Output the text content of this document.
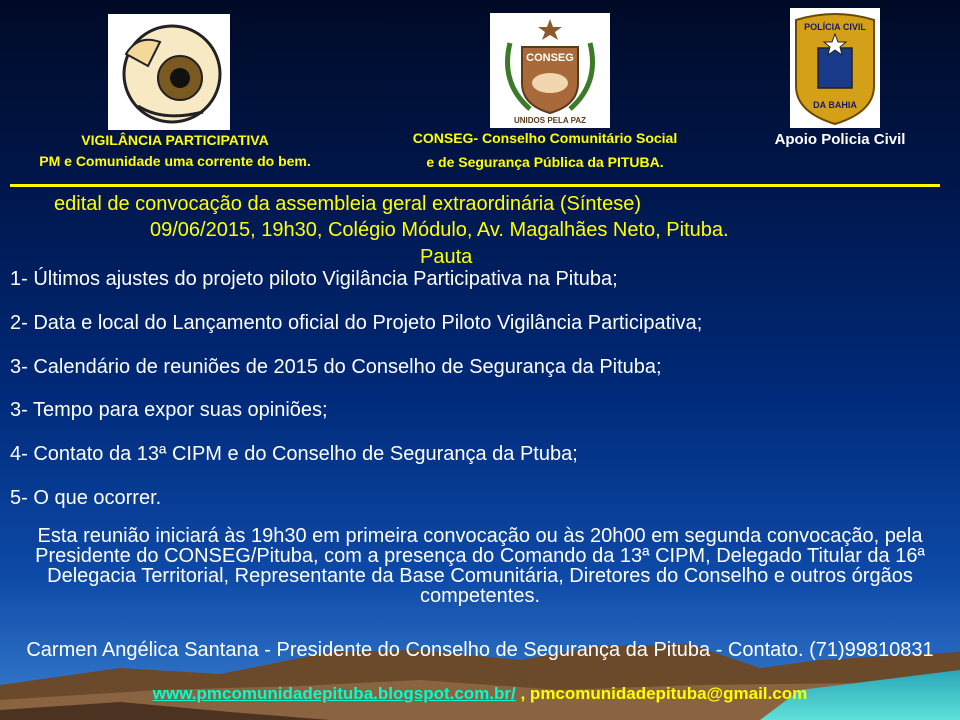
CONSEG
UNIDOS PELA PAZ
POLÍCIA CIVIL
DA BAHIA
VIGILÂNCIA PARTICIPATIVA
PM e Comunidade uma corrente do bem.
CONSEG- Conselho Comunitário Social
e de Segurança Pública da PITUBA.
Apoio Policia Civil
edital de convocação da assembleia geral extraordinária (Síntese)
09/06/2015, 19h30, Colégio Módulo, Av. Magalhães Neto, Pituba.
Pauta
1- Últimos ajustes do projeto piloto Vigilância Participativa na Pituba;
2- Data e local do Lançamento oficial do Projeto Piloto Vigilância Participativa;
3- Calendário de reuniões de 2015 do Conselho de Segurança da Pituba;
3- Tempo para expor suas opiniões;
4- Contato da 13ª CIPM e do Conselho de Segurança da Ptuba;
5- O que ocorrer.
Esta reunião iniciará às 19h30 em primeira convocação ou às 20h00 em segunda convocação, pela Presidente do CONSEG/Pituba, com a presença do Comando da 13ª CIPM, Delegado Titular da 16ª Delegacia Territorial, Representante da Base Comunitária, Diretores do Conselho e outros órgãos competentes.
Carmen Angélica Santana - Presidente do Conselho de Segurança da Pituba - Contato. (71)99810831
www.pmcomunidadepituba.blogspot.com.br/ , pmcomunidadepituba@gmail.com
